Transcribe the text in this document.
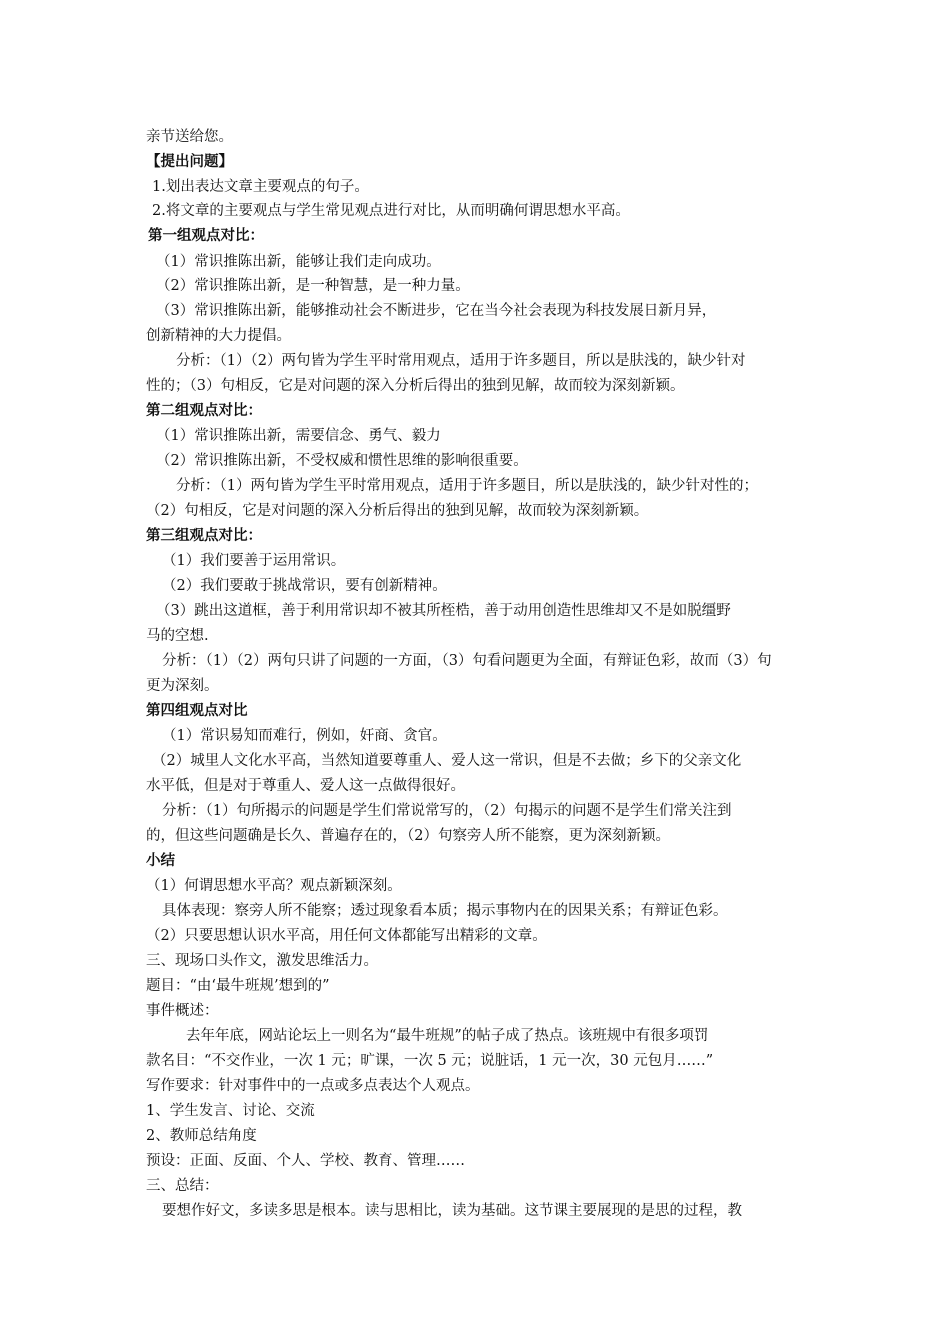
亲节送给您。
【提出问题】
1.划出表达文章主要观点的句子。
2.将文章的主要观点与学生常见观点进行对比，从而明确何谓思想水平高。
第一组观点对比：
（1）常识推陈出新，能够让我们走向成功。
（2）常识推陈出新，是一种智慧，是一种力量。
（3）常识推陈出新，能够推动社会不断进步，它在当今社会表现为科技发展日新月异，
创新精神的大力提倡。
分析：（1）（2）两句皆为学生平时常用观点，适用于许多题目，所以是肤浅的，缺少针对
性的；（3）句相反，它是对问题的深入分析后得出的独到见解，故而较为深刻新颖。
第二组观点对比：
（1）常识推陈出新，需要信念、勇气、毅力
（2）常识推陈出新，不受权威和惯性思维的影响很重要。
分析：（1）两句皆为学生平时常用观点，适用于许多题目，所以是肤浅的，缺少针对性的；
（2）句相反，它是对问题的深入分析后得出的独到见解，故而较为深刻新颖。
第三组观点对比：
（1）我们要善于运用常识。
（2）我们要敢于挑战常识，要有创新精神。
（3）跳出这道框，善于利用常识却不被其所桎梏，善于动用创造性思维却又不是如脱缰野
马的空想.
分析：（1）（2）两句只讲了问题的一方面，（3）句看问题更为全面，有辩证色彩，故而（3）句
更为深刻。
第四组观点对比
（1）常识易知而难行，例如，奸商、贪官。
（2）城里人文化水平高，当然知道要尊重人、爱人这一常识，但是不去做；乡下的父亲文化
水平低，但是对于尊重人、爱人这一点做得很好。
分析：（1）句所揭示的问题是学生们常说常写的，（2）句揭示的问题不是学生们常关注到
的，但这些问题确是长久、普遍存在的，（2）句察旁人所不能察，更为深刻新颖。
小结
（1）何谓思想水平高？观点新颖深刻。
具体表现：察旁人所不能察；透过现象看本质；揭示事物内在的因果关系；有辩证色彩。
（2）只要思想认识水平高，用任何文体都能写出精彩的文章。
三、现场口头作文，激发思维活力。
题目：“由‘最牛班规’想到的”
事件概述：
去年年底，网站论坛上一则名为“最牛班规”的帖子成了热点。该班规中有很多项罚
款名目：“不交作业，一次 1 元；旷课，一次 5 元；说脏话，1 元一次，30 元包月……”
写作要求：针对事件中的一点或多点表达个人观点。
1、学生发言、讨论、交流
2、教师总结角度
预设：正面、反面、个人、学校、教育、管理……
三、总结：
要想作好文，多读多思是根本。读与思相比，读为基础。这节课主要展现的是思的过程，教
